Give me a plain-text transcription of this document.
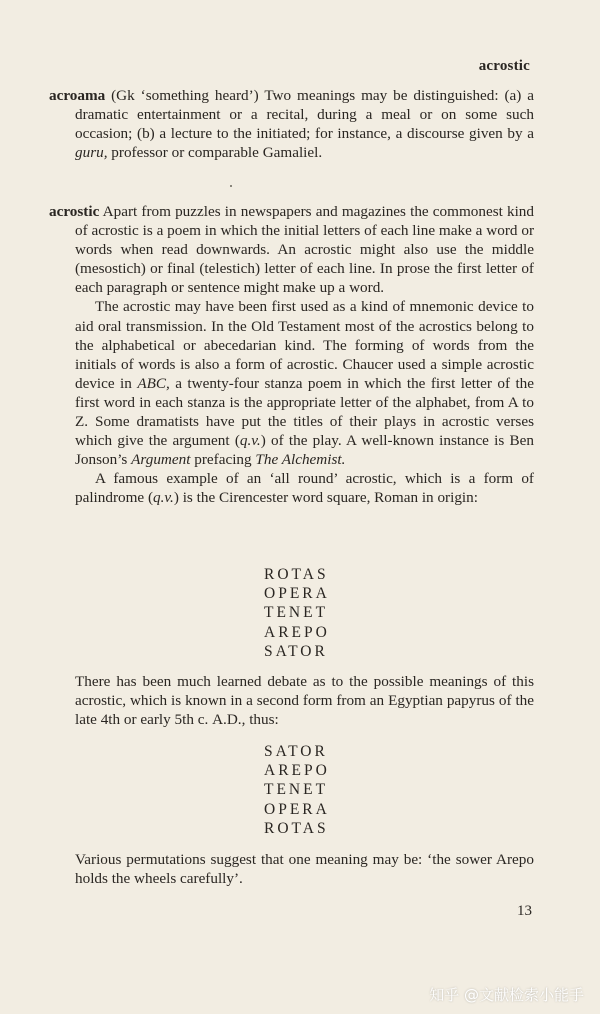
acrostic

acroama (Gk ‘something heard’) Two meanings may be distinguished: (a) a dramatic entertainment or a recital, during a meal or on some such occasion; (b) a lecture to the initiated; for instance, a discourse given by a guru, professor or comparable Gamaliel.

acrostic Apart from puzzles in newspapers and magazines the commonest kind of acrostic is a poem in which the initial letters of each line make a word or words when read downwards. An acrostic might also use the middle (mesostich) or final (telestich) letter of each line. In prose the first letter of each paragraph or sentence might make up a word.

The acrostic may have been first used as a kind of mnemonic device to aid oral transmission. In the Old Testament most of the acrostics belong to the alphabetical or abecedarian kind. The forming of words from the initials of words is also a form of acrostic. Chaucer used a simple acrostic device in ABC, a twenty-four stanza poem in which the first letter of the first word in each stanza is the appropriate letter of the alphabet, from A to Z. Some dramatists have put the titles of their plays in acrostic verses which give the argument (q.v.) of the play. A well-known instance is Ben Jonson’s Argument prefacing The Alchemist.

A famous example of an ‘all round’ acrostic, which is a form of palindrome (q.v.) is the Cirencester word square, Roman in origin:

ROTAS
OPERA
TENET
AREPO
SATOR

There has been much learned debate as to the possible meanings of this acrostic, which is known in a second form from an Egyptian papyrus of the late 4th or early 5th c. A.D., thus:

SATOR
AREPO
TENET
OPERA
ROTAS

Various permutations suggest that one meaning may be: ‘the sower Arepo holds the wheels carefully’.

13
知乎 @文献检索小能手
